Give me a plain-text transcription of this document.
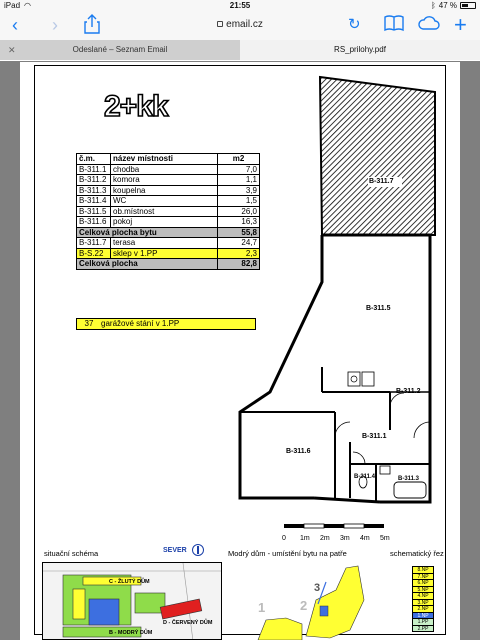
iPad ◠	21:55	ᛒ 47 %
‹ ›	email.cz	↻	+
✕	Odeslané – Seznam Email	RS_prilohy.pdf
2+kk
č.m.	název místnosti	m2
B-311.1	chodba	7,0
B-311.2	komora	1,1
B-311.3	koupelna	3,9
B-311.4	WC	1,5
B-311.5	ob.místnost	26,0
B-311.6	pokoj	16,3
Celková plocha bytu		55,8
B-311.7	terasa	24,7
B-S.22	sklep v 1.PP	2,3
Celková plocha		82,8
37 garážové stání v 1.PP
B-311.7
B-311.5
B-311.2
B-311.1
B-311.6
B-311.4	B-311.3
0 1m 2m 3m 4m 5m
situační schéma	SEVER
C - ŽLUTÝ DŮM
D - ČERVENÝ DŮM
B - MODRÝ DŮM
Modrý dům - umístění bytu na patře
1	2
3
schematický řez
8.NP
7.NP
6.NP
5.NP
4.NP
3.NP
2.NP
1.NP
1.PP
2.PP
